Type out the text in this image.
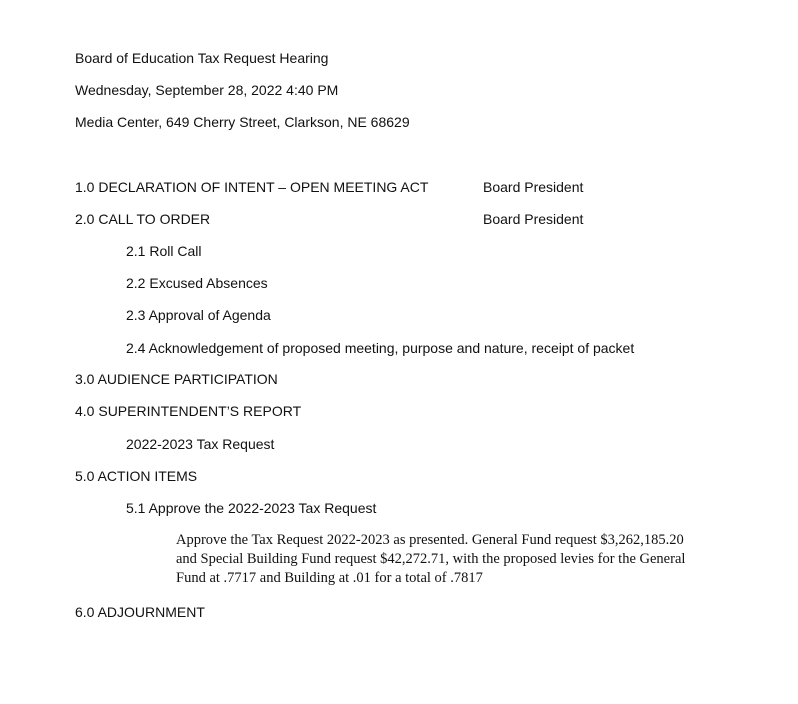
Board of Education Tax Request Hearing
Wednesday, September 28, 2022 4:40 PM
Media Center, 649 Cherry Street, Clarkson, NE 68629
1.0 DECLARATION OF INTENT – OPEN MEETING ACT	Board President
2.0 CALL TO ORDER	Board President
2.1 Roll Call
2.2 Excused Absences
2.3 Approval of Agenda
2.4 Acknowledgement of proposed meeting, purpose and nature, receipt of packet
3.0 AUDIENCE PARTICIPATION
4.0 SUPERINTENDENT’S REPORT
2022-2023 Tax Request
5.0 ACTION ITEMS
5.1 Approve the 2022-2023 Tax Request
Approve the Tax Request 2022-2023 as presented. General Fund request $3,262,185.20
and Special Building Fund request $42,272.71, with the proposed levies for the General
Fund at .7717 and Building at .01 for a total of .7817
6.0 ADJOURNMENT
